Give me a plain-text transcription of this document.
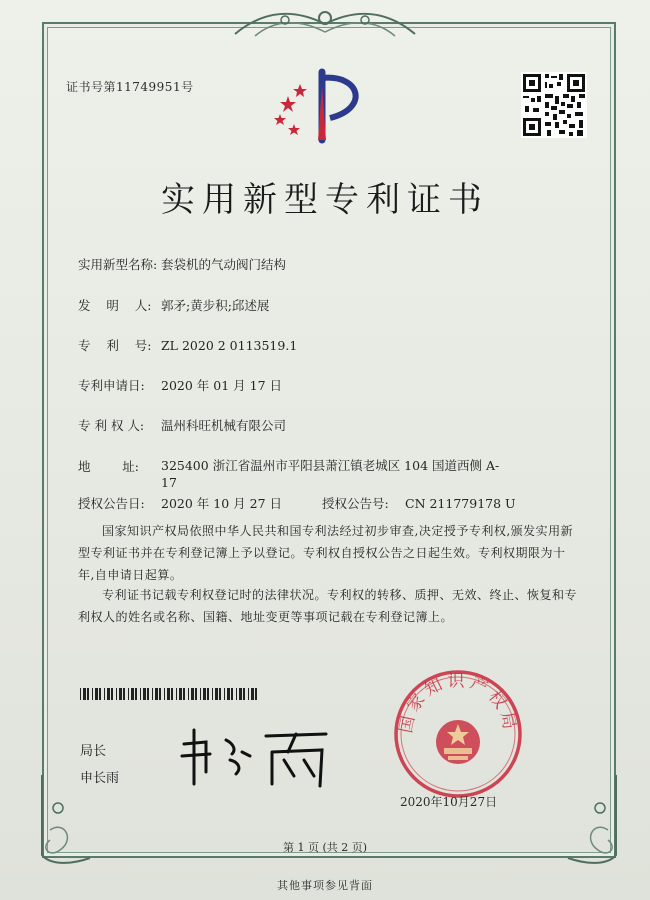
证书号第11749951号
实用新型专利证书
实用新型名称: 套袋机的气动阀门结构
发    明    人: 郭矛;黄步积;邱述展
专    利    号: ZL 2020 2 0113519.1
专利申请日: 2020 年 01 月 17 日
专 利 权 人: 温州科旺机械有限公司
地        址:	325400 浙江省温州市平阳县萧江镇老城区 104 国道西侧 A-17
授权公告日: 2020 年 10 月 27 日	授权公告号: CN 211779178 U
国家知识产权局依照中华人民共和国专利法经过初步审查,决定授予专利权,颁发实用新型专利证书并在专利登记簿上予以登记。专利权自授权公告之日起生效。专利权期限为十年,自申请日起算。
专利证书记载专利权登记时的法律状况。专利权的转移、质押、无效、终止、恢复和专利权人的姓名或名称、国籍、地址变更等事项记载在专利登记簿上。
局长
申长雨
国家知识产权局
2020年10月27日
第 1 页 (共 2 页)
其他事项参见背面
